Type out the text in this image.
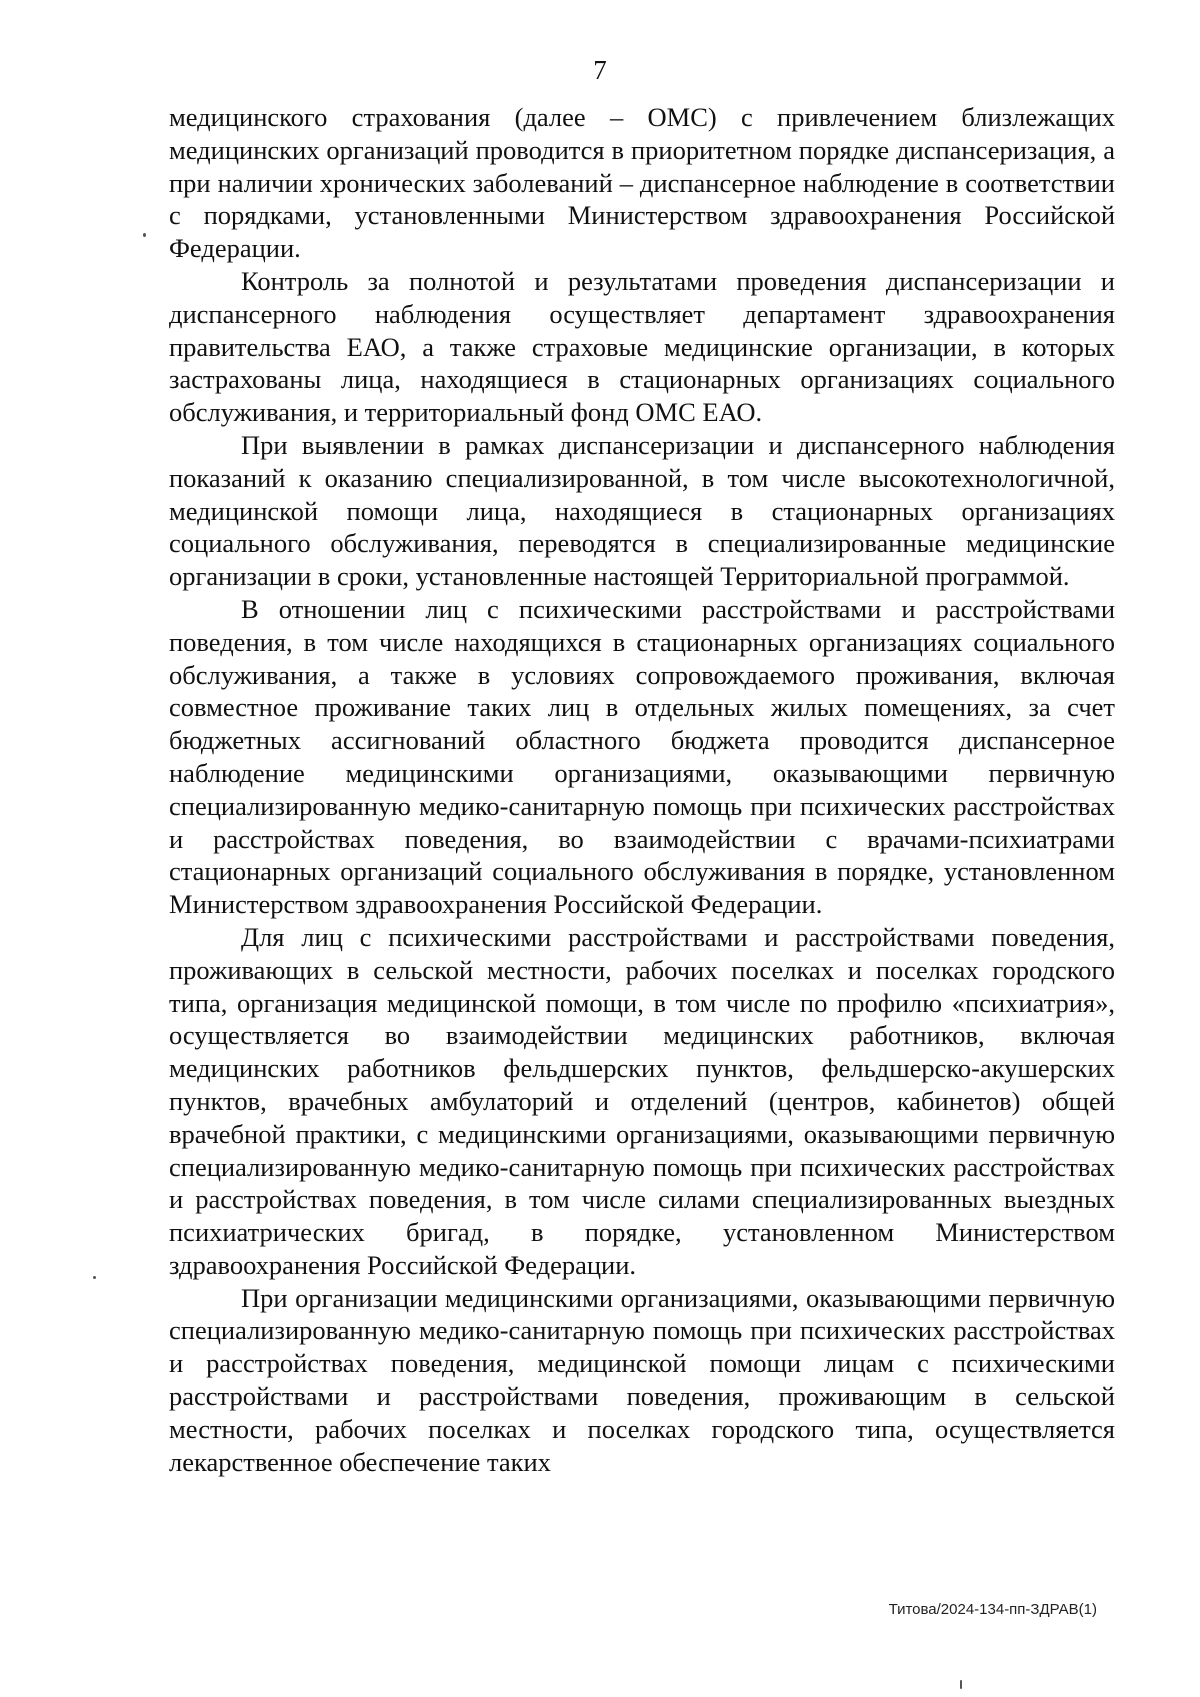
7

медицинского страхования (далее – ОМС) с привлечением близлежащих медицинских организаций проводится в приоритетном порядке диспансеризация, а при наличии хронических заболеваний – диспансерное наблюдение в соответствии с порядками, установленными Министерством здравоохранения Российской Федерации.

Контроль за полнотой и результатами проведения диспансеризации и диспансерного наблюдения осуществляет департамент здравоохранения правительства ЕАО, а также страховые медицинские организации, в которых застрахованы лица, находящиеся в стационарных организациях социального обслуживания, и территориальный фонд ОМС ЕАО.

При выявлении в рамках диспансеризации и диспансерного наблюдения показаний к оказанию специализированной, в том числе высокотехнологичной, медицинской помощи лица, находящиеся в стационарных организациях социального обслуживания, переводятся в специализированные медицинские организации в сроки, установленные настоящей Территориальной программой.

В отношении лиц с психическими расстройствами и расстройствами поведения, в том числе находящихся в стационарных организациях социального обслуживания, а также в условиях сопровождаемого проживания, включая совместное проживание таких лиц в отдельных жилых помещениях, за счет бюджетных ассигнований областного бюджета проводится диспансерное наблюдение медицинскими организациями, оказывающими первичную специализированную медико-санитарную помощь при психических расстройствах и расстройствах поведения, во взаимодействии с врачами-психиатрами стационарных организаций социального обслуживания в порядке, установленном Министерством здравоохранения Российской Федерации.

Для лиц с психическими расстройствами и расстройствами поведения, проживающих в сельской местности, рабочих поселках и поселках городского типа, организация медицинской помощи, в том числе по профилю «психиатрия», осуществляется во взаимодействии медицинских работников, включая медицинских работников фельдшерских пунктов, фельдшерско-акушерских пунктов, врачебных амбулаторий и отделений (центров, кабинетов) общей врачебной практики, с медицинскими организациями, оказывающими первичную специализированную медико-санитарную помощь при психических расстройствах и расстройствах поведения, в том числе силами специализированных выездных психиатрических бригад, в порядке, установленном Министерством здравоохранения Российской Федерации.

При организации медицинскими организациями, оказывающими первичную специализированную медико-санитарную помощь при психических расстройствах и расстройствах поведения, медицинской помощи лицам с психическими расстройствами и расстройствами поведения, проживающим в сельской местности, рабочих поселках и поселках городского типа, осуществляется лекарственное обеспечение таких

Титова/2024-134-пп-ЗДРАВ(1)
